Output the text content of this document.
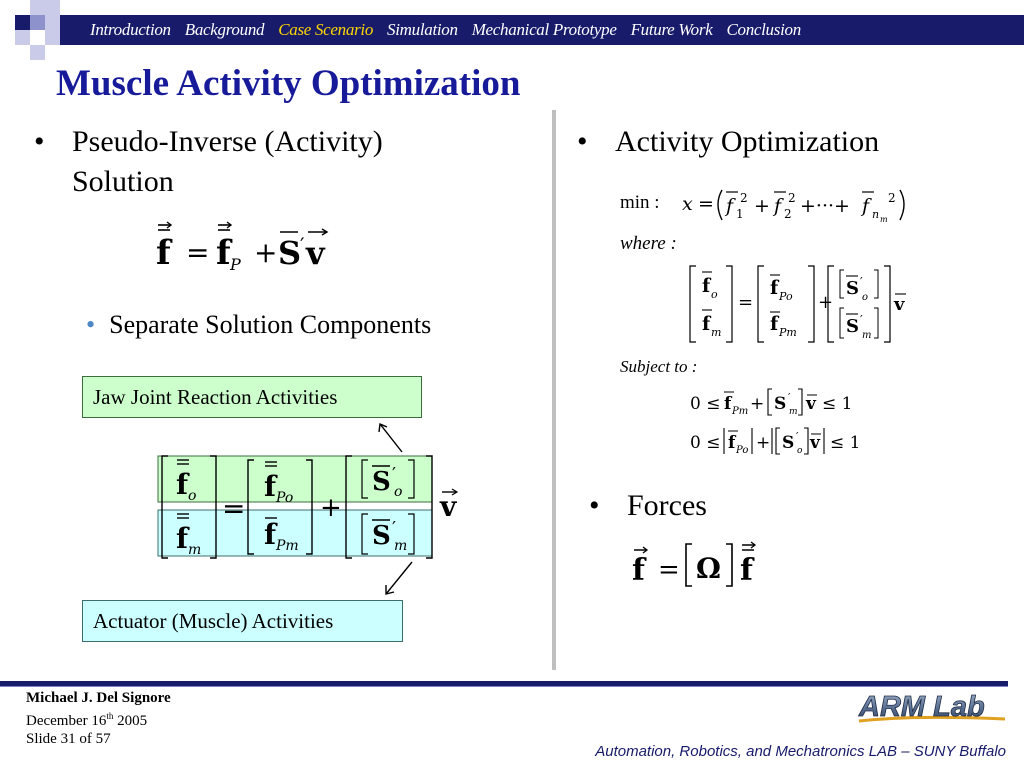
Introduction Background Case Scenario Simulation Mechanical Prototype Future Work Conclusion
Muscle Activity Optimization
• Pseudo-Inverse (Activity)
Solution
f = f P + S
′ v
• Separate Solution Components
Jaw Joint Reaction Activities
f o
f m
=
f Po
f Pm
+
S ′
o
S ′
m
v
Actuator (Muscle) Activities
• Activity Optimization
min : x = f 1
2 + f 2
2 +···+ f n m
2
where :
f o
f m
=
f Po
f Pm
+
S ′
o
S ′
m
v
Subject to :
0 ≤ f Pm + S ′
m v ≤ 1
0 ≤ f Po + S ′
o v ≤ 1
• Forces
f = Ω f
Michael J. Del Signore
December 16th 2005
Slide 31 of 57
ARM Lab
Automation, Robotics, and Mechatronics LAB – SUNY Buffalo
